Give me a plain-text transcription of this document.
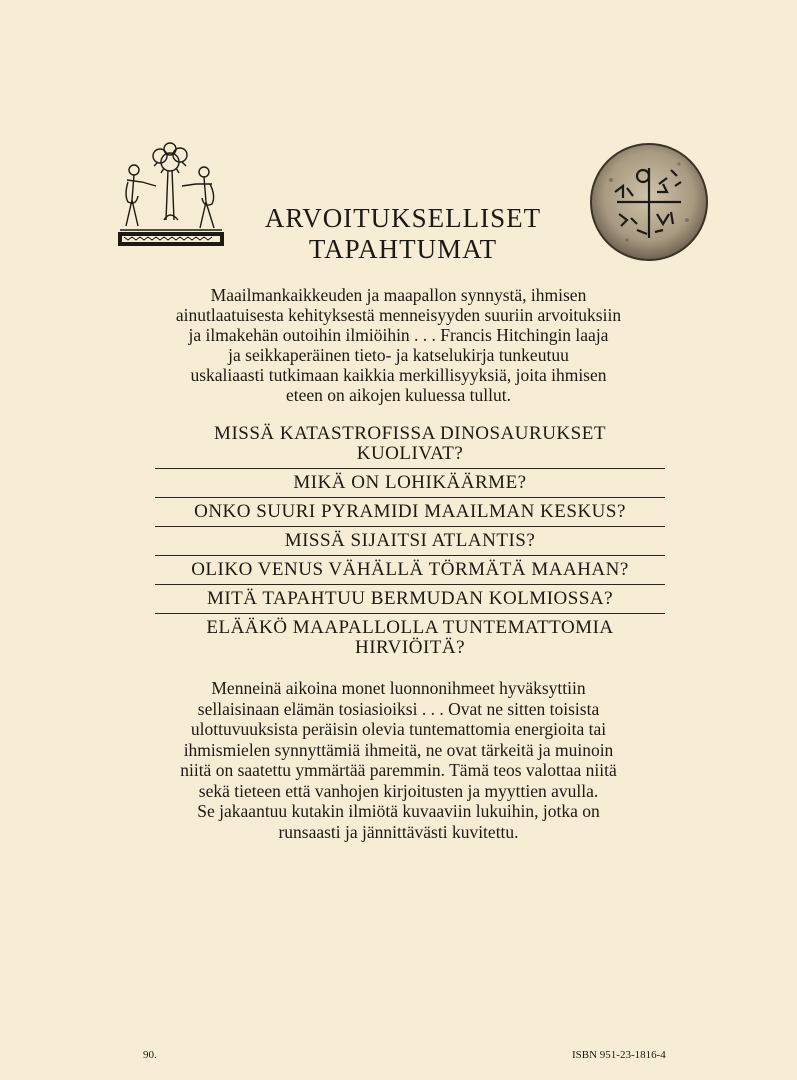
ARVOITUKSELLISET
TAPAHTUMAT
Maailmankaikkeuden ja maapallon synnystä, ihmisen
ainutlaatuisesta kehityksestä menneisyyden suuriin arvoituksiin
ja ilmakehän outoihin ilmiöihin . . . Francis Hitchingin laaja
ja seikkaperäinen tieto- ja katselukirja tunkeutuu
uskaliaasti tutkimaan kaikkia merkillisyyksiä, joita ihmisen
eteen on aikojen kuluessa tullut.
MISSÄ KATASTROFISSA DINOSAURUKSET
KUOLIVAT?
MIKÄ ON LOHIKÄÄRME?
ONKO SUURI PYRAMIDI MAAILMAN KESKUS?
MISSÄ SIJAITSI ATLANTIS?
OLIKO VENUS VÄHÄLLÄ TÖRMÄTÄ MAAHAN?
MITÄ TAPAHTUU BERMUDAN KOLMIOSSA?
ELÄÄKÖ MAAPALLOLLA TUNTEMATTOMIA
HIRVIÖITÄ?
Menneinä aikoina monet luonnonihmeet hyväksyttiin
sellaisinaan elämän tosiasioiksi . . . Ovat ne sitten toisista
ulottuvuuksista peräisin olevia tuntemattomia energioita tai
ihmismielen synnyttämiä ihmeitä, ne ovat tärkeitä ja muinoin
niitä on saatettu ymmärtää paremmin. Tämä teos valottaa niitä
sekä tieteen että vanhojen kirjoitusten ja myyttien avulla.
Se jakaantuu kutakin ilmiötä kuvaaviin lukuihin, jotka on
runsaasti ja jännittävästi kuvitettu.
90.	ISBN 951-23-1816-4
